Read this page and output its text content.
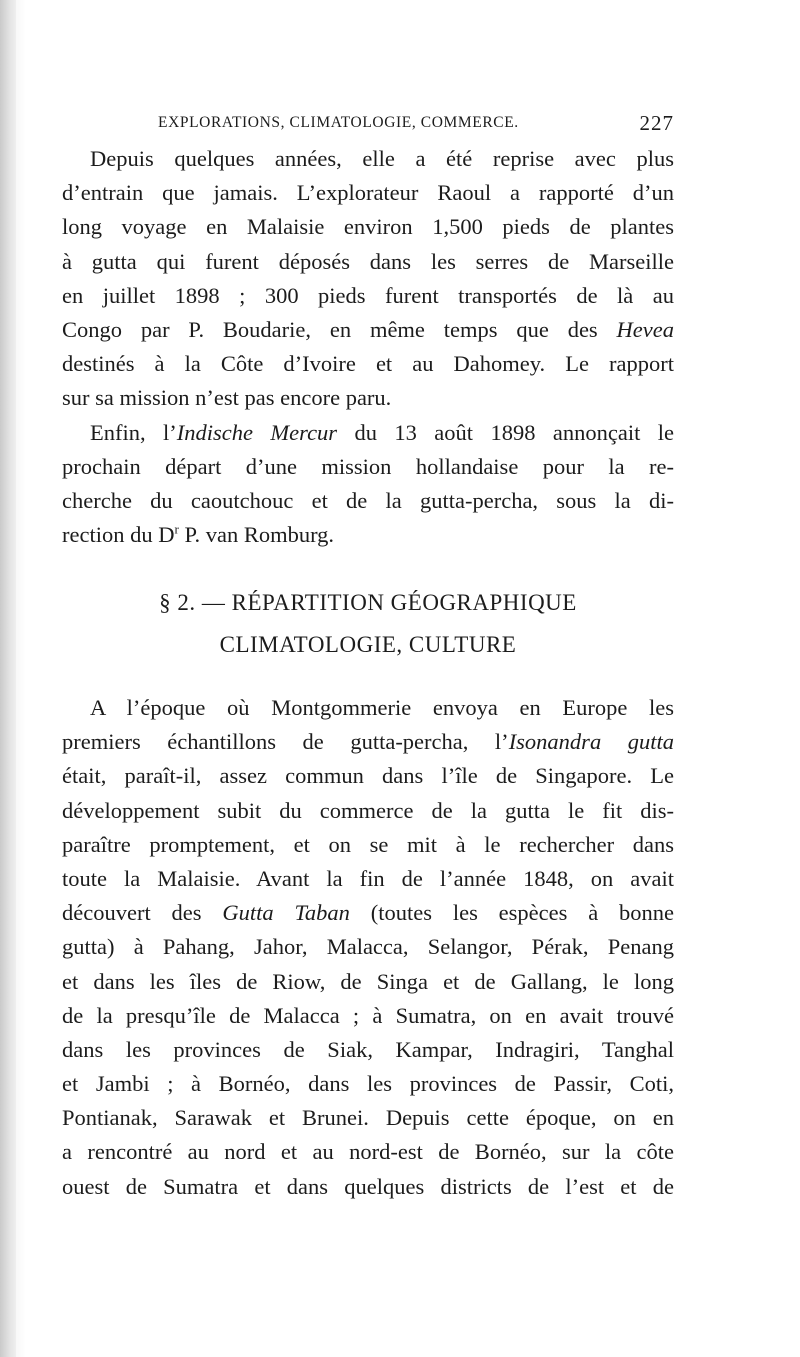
EXPLORATIONS, CLIMATOLOGIE, COMMERCE.	227
Depuis quelques années, elle a été reprise avec plus
d’entrain que jamais. L’explorateur Raoul a rapporté d’un
long voyage en Malaisie environ 1,500 pieds de plantes
à gutta qui furent déposés dans les serres de Marseille
en juillet 1898 ; 300 pieds furent transportés de là au
Congo par P. Boudarie, en même temps que des Hevea
destinés à la Côte d’Ivoire et au Dahomey. Le rapport
sur sa mission n’est pas encore paru.
Enfin, l’Indische Mercur du 13 août 1898 annonçait le
prochain départ d’une mission hollandaise pour la re-
cherche du caoutchouc et de la gutta-percha, sous la di-
rection du $D^r$ P. van Romburg.
§ 2. — RÉPARTITION GÉOGRAPHIQUE
CLIMATOLOGIE, CULTURE
A l’époque où Montgommerie envoya en Europe les
premiers échantillons de gutta-percha, l’Isonandra gutta
était, paraît-il, assez commun dans l’île de Singapore. Le
développement subit du commerce de la gutta le fit dis-
paraître promptement, et on se mit à le rechercher dans
toute la Malaisie. Avant la fin de l’année 1848, on avait
découvert des Gutta Taban (toutes les espèces à bonne
gutta) à Pahang, Jahor, Malacca, Selangor, Pérak, Penang
et dans les îles de Riow, de Singa et de Gallang, le long
de la presqu’île de Malacca ; à Sumatra, on en avait trouvé
dans les provinces de Siak, Kampar, Indragiri, Tanghal
et Jambi ; à Bornéo, dans les provinces de Passir, Coti,
Pontianak, Sarawak et Brunei. Depuis cette époque, on en
a rencontré au nord et au nord-est de Bornéo, sur la côte
ouest de Sumatra et dans quelques districts de l’est et de
